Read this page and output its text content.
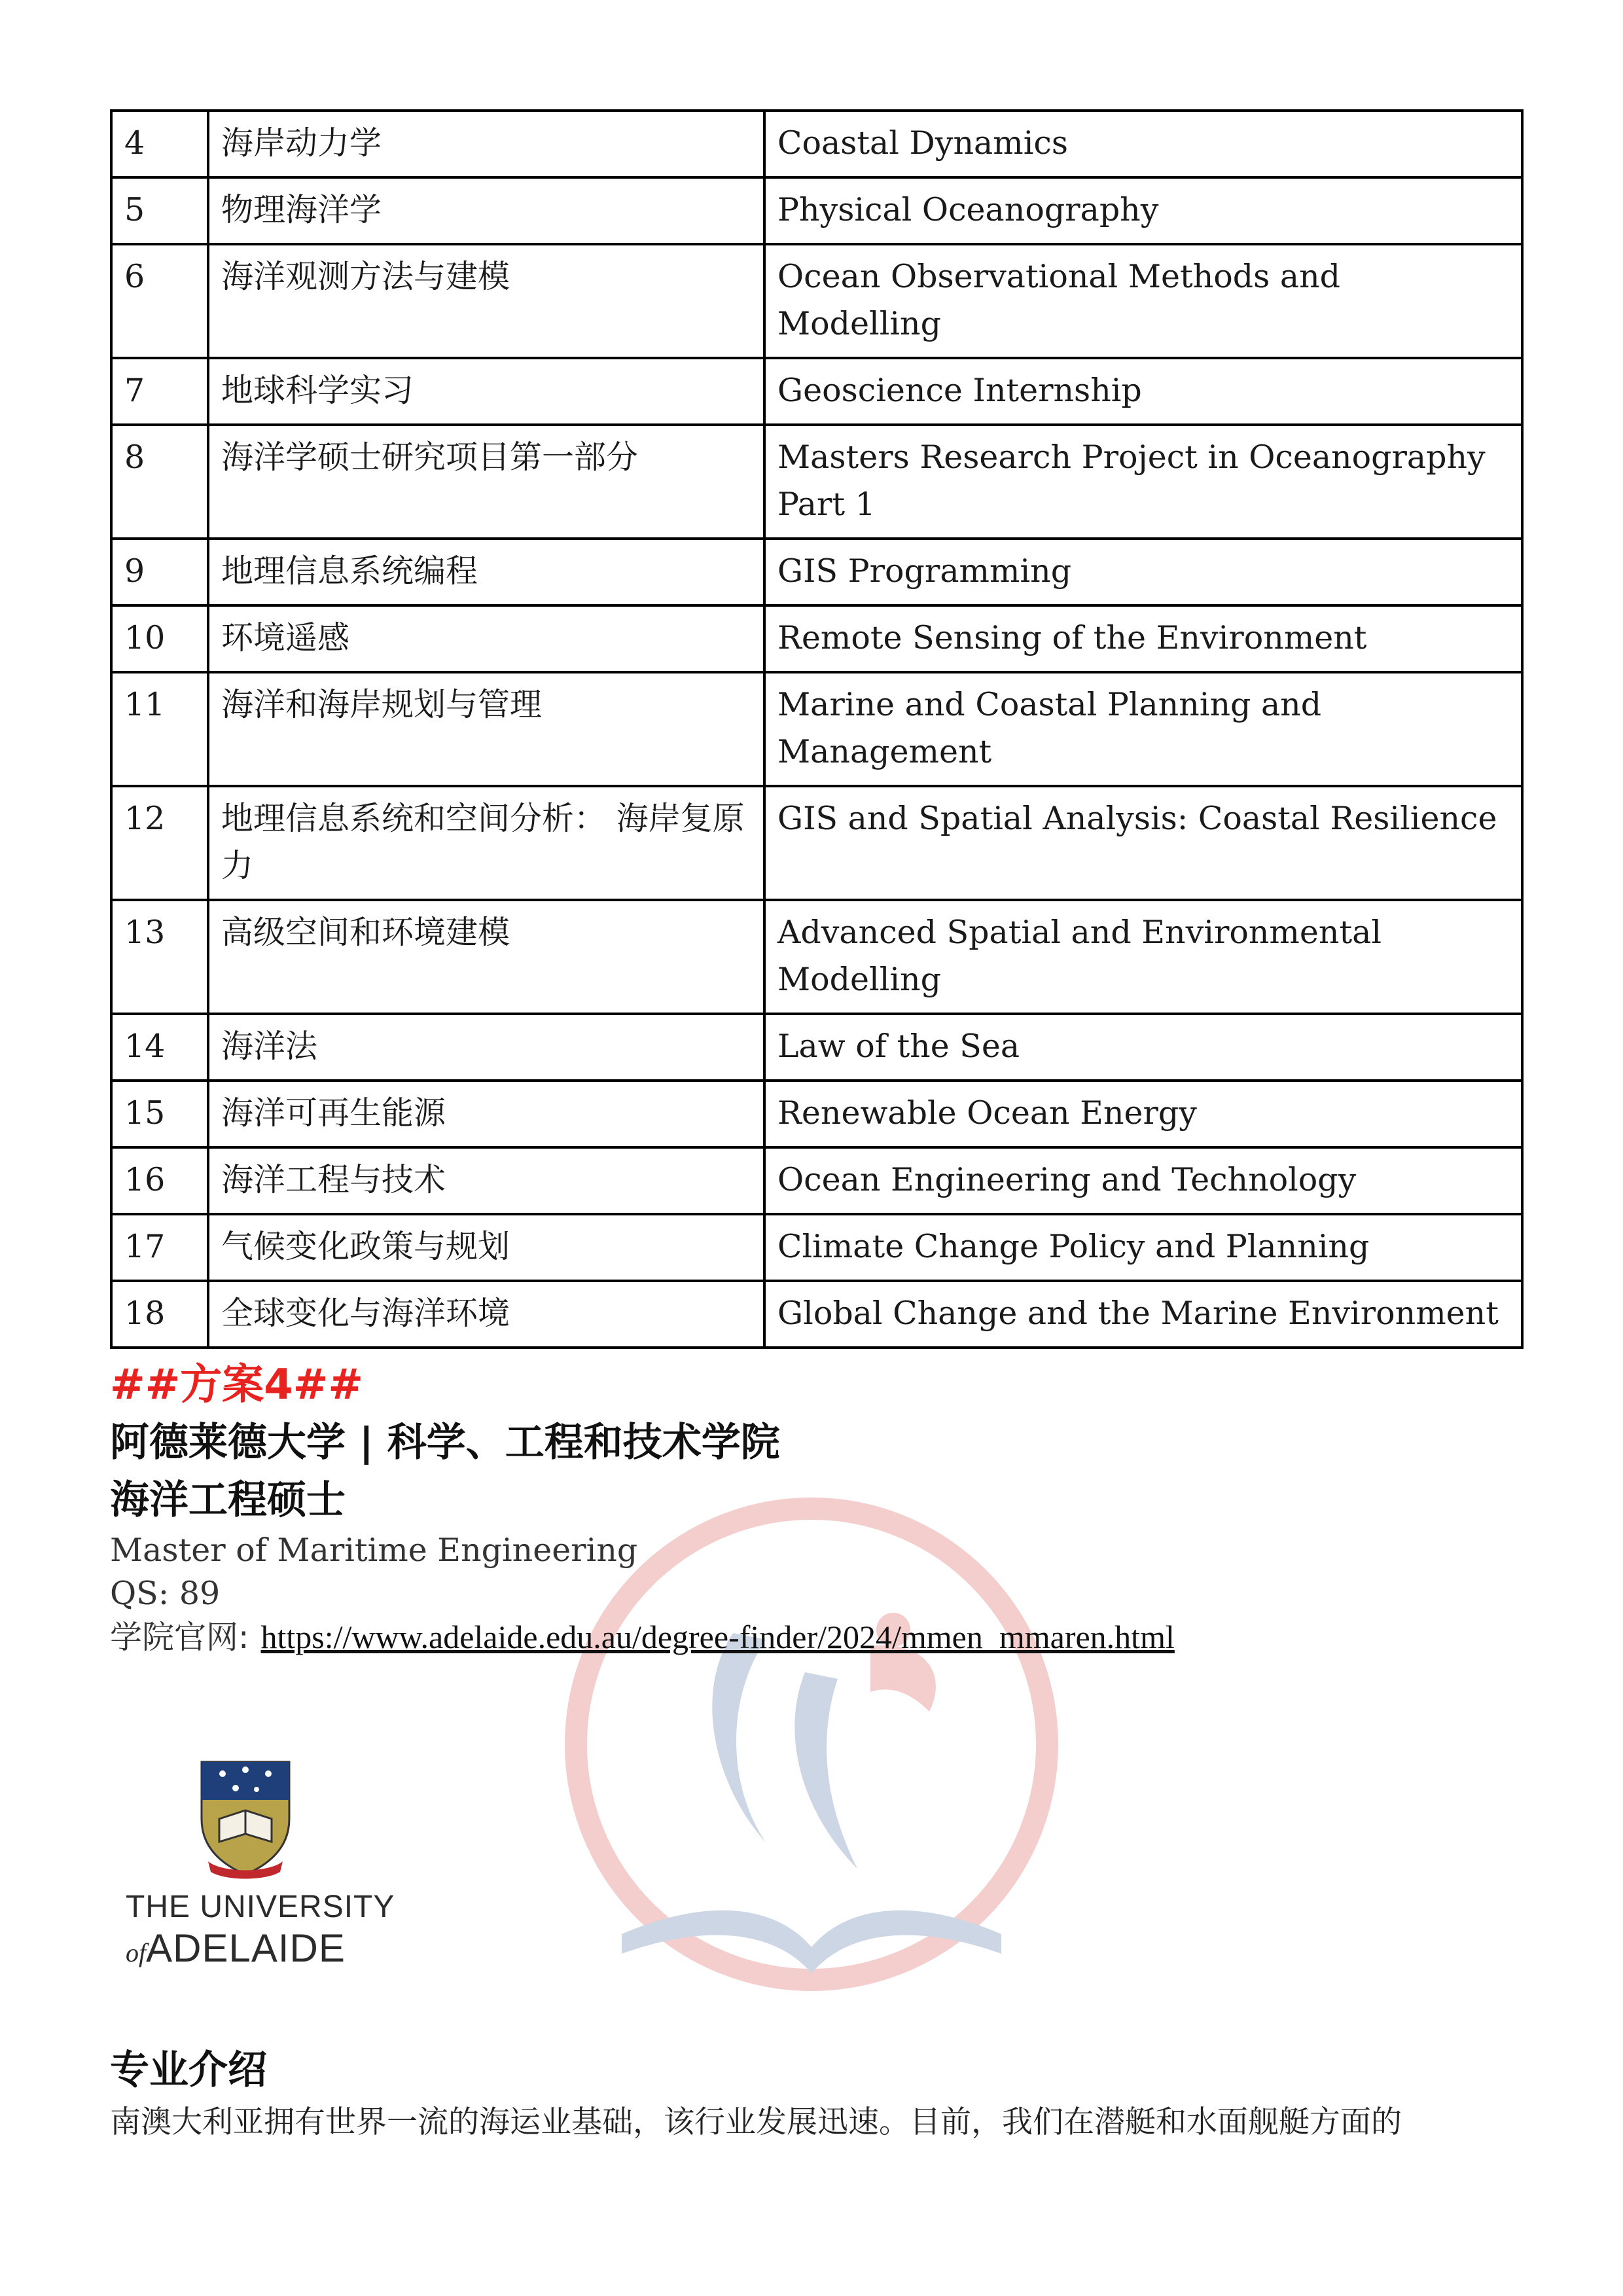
4	海岸动力学	Coastal Dynamics
5	物理海洋学	Physical Oceanography
6	海洋观测方法与建模	Ocean Observational Methods and Modelling
7	地球科学实习	Geoscience Internship
8	海洋学硕士研究项目第一部分	Masters Research Project in Oceanography Part 1
9	地理信息系统编程	GIS Programming
10	环境遥感	Remote Sensing of the Environment
11	海洋和海岸规划与管理	Marine and Coastal Planning and Management
12	地理信息系统和空间分析： 海岸复原力	GIS and Spatial Analysis: Coastal Resilience
13	高级空间和环境建模	Advanced Spatial and Environmental Modelling
14	海洋法	Law of the Sea
15	海洋可再生能源	Renewable Ocean Energy
16	海洋工程与技术	Ocean Engineering and Technology
17	气候变化政策与规划	Climate Change Policy and Planning
18	全球变化与海洋环境	Global Change and the Marine Environment
##方案4##
阿德莱德大学 | 科学、工程和技术学院
海洋工程硕士
Master of Maritime Engineering
QS: 89
学院官网: https://www.adelaide.edu.au/degree-finder/2024/mmen_mmaren.html
THE UNIVERSITY
ofADELAIDE
专业介绍
南澳大利亚拥有世界一流的海运业基础，该行业发展迅速。目前，我们在潜艇和水面舰艇方面的
